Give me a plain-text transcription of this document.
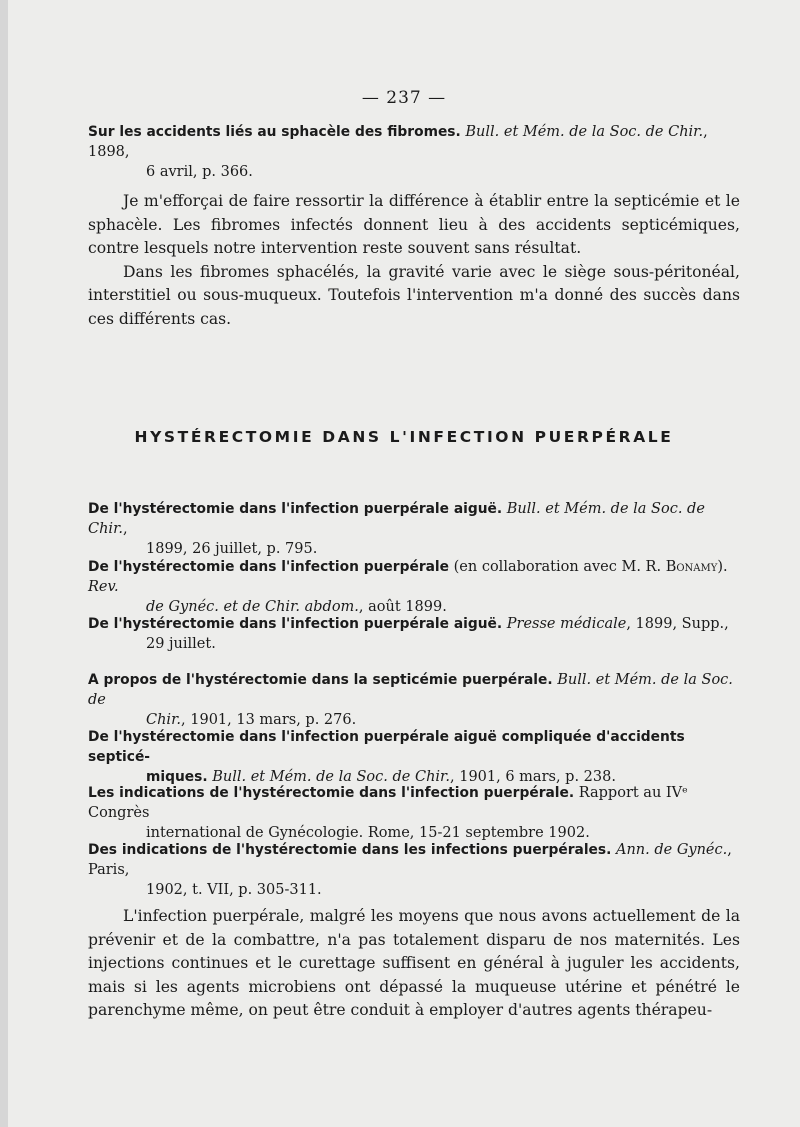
— 237 —
Sur les accidents liés au sphacèle des fibromes. Bull. et Mém. de la Soc. de Chir., 1898,
6 avril, p. 366.

Je m'efforçai de faire ressortir la différence à établir entre la septicémie et le sphacèle. Les fibromes infectés donnent lieu à des accidents septicémiques, contre lesquels notre intervention reste souvent sans résultat.

Dans les fibromes sphacélés, la gravité varie avec le siège sous-péritonéal, interstitiel ou sous-muqueux. Toutefois l'intervention m'a donné des succès dans ces différents cas.

HYSTÉRECTOMIE DANS L'INFECTION PUERPÉRALE
De l'hystérectomie dans l'infection puerpérale aiguë. Bull. et Mém. de la Soc. de Chir.,
1899, 26 juillet, p. 795.
De l'hystérectomie dans l'infection puerpérale (en collaboration avec M. R. Bonamy). Rev.
de Gynéc. et de Chir. abdom., août 1899.
De l'hystérectomie dans l'infection puerpérale aiguë. Presse médicale, 1899, Supp.,
29 juillet.
A propos de l'hystérectomie dans la septicémie puerpérale. Bull. et Mém. de la Soc. de
Chir., 1901, 13 mars, p. 276.
De l'hystérectomie dans l'infection puerpérale aiguë compliquée d'accidents septicé-
miques. Bull. et Mém. de la Soc. de Chir., 1901, 6 mars, p. 238.
Les indications de l'hystérectomie dans l'infection puerpérale. Rapport au IVᵉ Congrès
international de Gynécologie. Rome, 15-21 septembre 1902.
Des indications de l'hystérectomie dans les infections puerpérales. Ann. de Gynéc., Paris,
1902, t. VII, p. 305-311.

L'infection puerpérale, malgré les moyens que nous avons actuellement de la prévenir et de la combattre, n'a pas totalement disparu de nos maternités. Les injections continues et le curettage suffisent en général à juguler les accidents, mais si les agents microbiens ont dépassé la muqueuse utérine et pénétré le parenchyme même, on peut être conduit à employer d'autres agents thérapeu-
